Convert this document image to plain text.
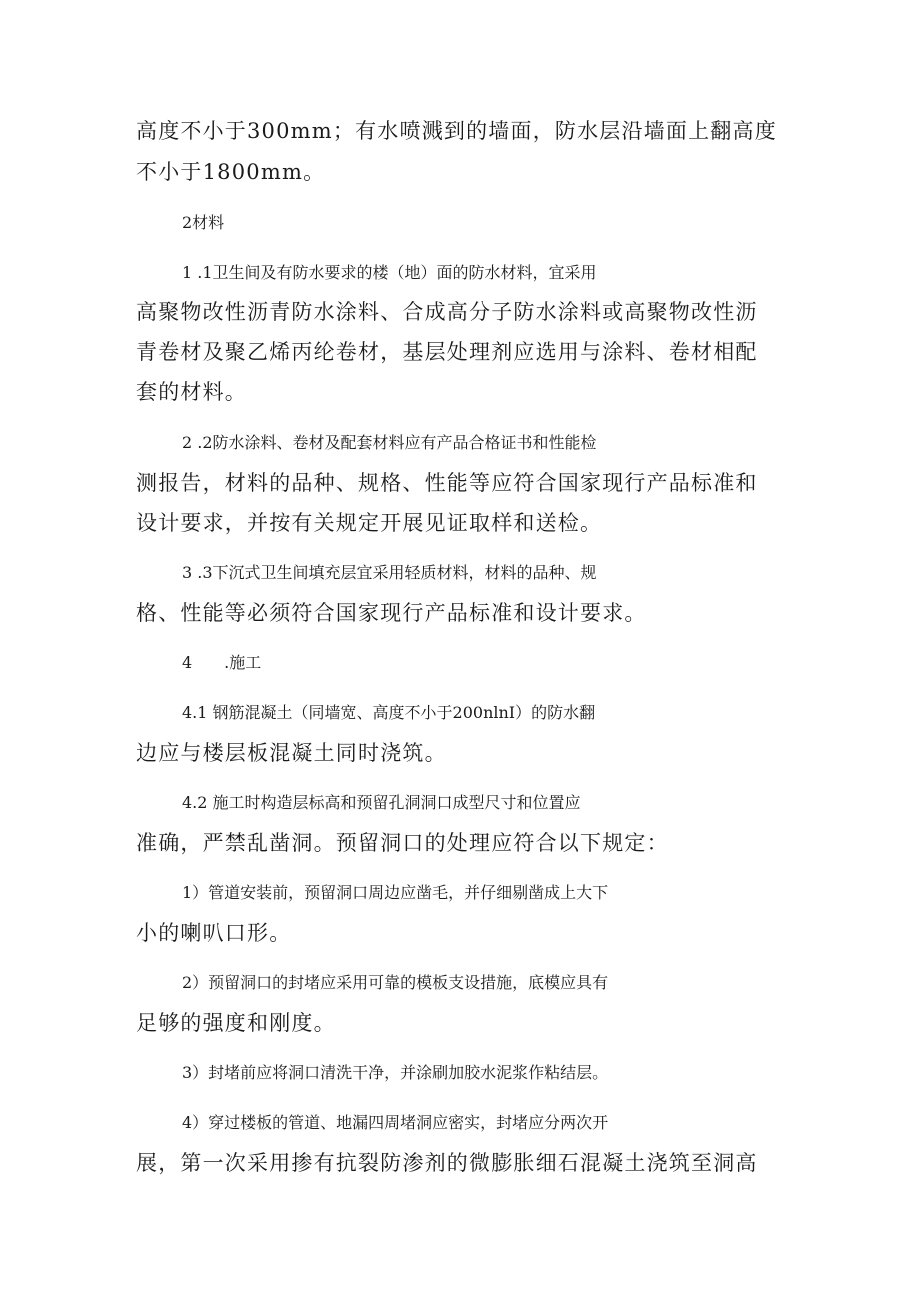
高度不小于300mm；有水喷溅到的墙面，防水层沿墙面上翻高度
不小于1800mm。
2材料
1 .1卫生间及有防水要求的楼（地）面的防水材料，宜采用
高聚物改性沥青防水涂料、合成高分子防水涂料或高聚物改性沥
青卷材及聚乙烯丙纶卷材，基层处理剂应选用与涂料、卷材相配
套的材料。
2 .2防水涂料、卷材及配套材料应有产品合格证书和性能检
测报告，材料的品种、规格、性能等应符合国家现行产品标准和
设计要求，并按有关规定开展见证取样和送检。
3 .3下沉式卫生间填充层宜采用轻质材料，材料的品种、规
格、性能等必须符合国家现行产品标准和设计要求。
4　　.施工
4.1 钢筋混凝土（同墙宽、高度不小于200nlnI）的防水翻
边应与楼层板混凝土同时浇筑。
4.2 施工时构造层标高和预留孔洞洞口成型尺寸和位置应
准确，严禁乱凿洞。预留洞口的处理应符合以下规定：
1）管道安装前，预留洞口周边应凿毛，并仔细剔凿成上大下
小的喇叭口形。
2）预留洞口的封堵应采用可靠的模板支设措施，底模应具有
足够的强度和刚度。
3）封堵前应将洞口清洗干净，并涂刷加胶水泥浆作粘结层。
4）穿过楼板的管道、地漏四周堵洞应密实，封堵应分两次开
展，第一次采用掺有抗裂防渗剂的微膨胀细石混凝土浇筑至洞高
